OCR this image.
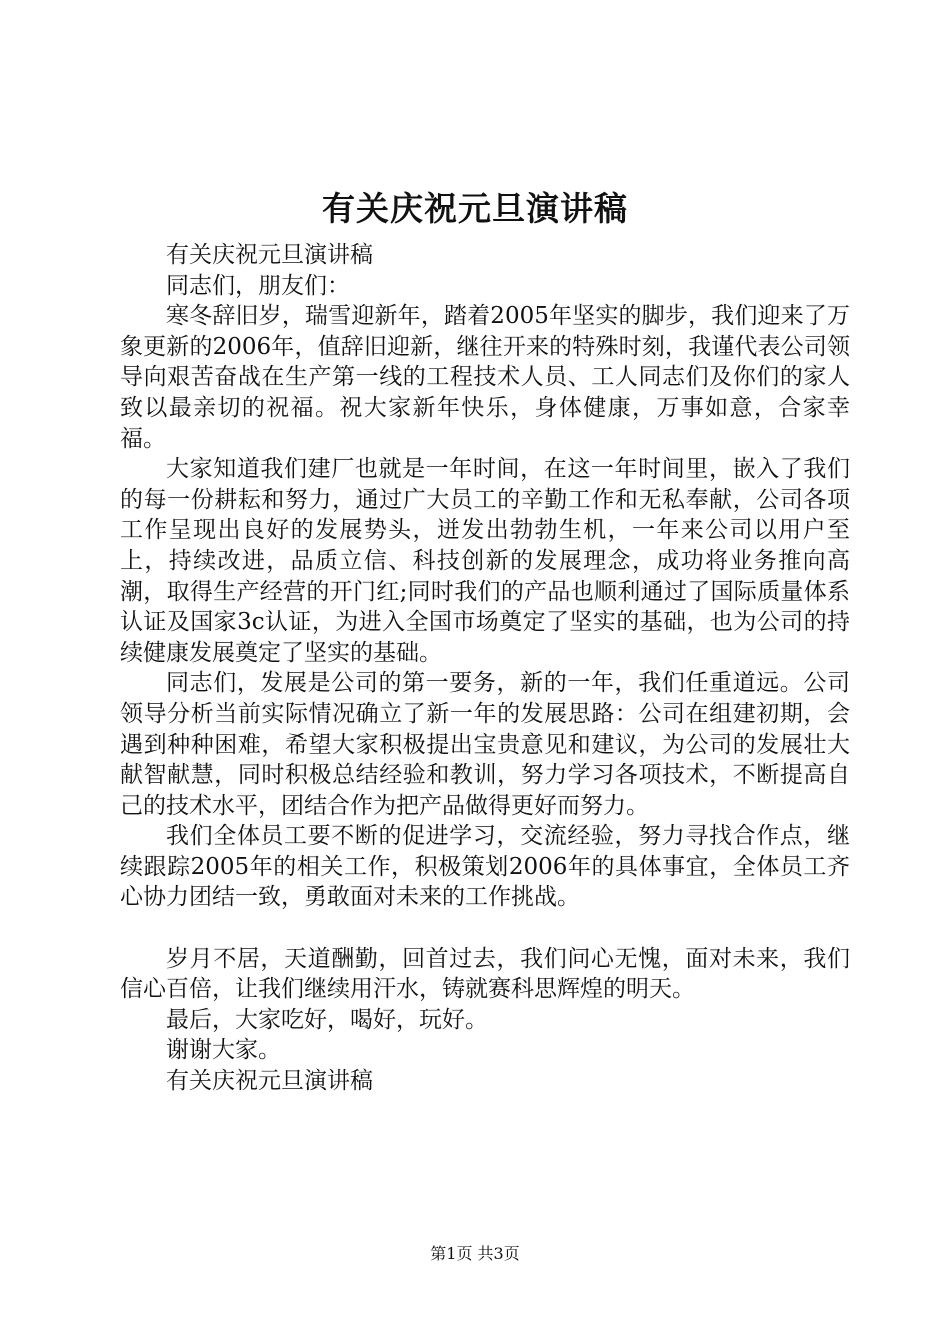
有关庆祝元旦演讲稿

有关庆祝元旦演讲稿

同志们，朋友们：

寒冬辞旧岁，瑞雪迎新年，踏着2005年坚实的脚步，我们迎来了万象更新的2006年，值辞旧迎新，继往开来的特殊时刻，我谨代表公司领导向艰苦奋战在生产第一线的工程技术人员、工人同志们及你们的家人致以最亲切的祝福。祝大家新年快乐，身体健康，万事如意，合家幸福。

大家知道我们建厂也就是一年时间，在这一年时间里，嵌入了我们的每一份耕耘和努力，通过广大员工的辛勤工作和无私奉献，公司各项工作呈现出良好的发展势头，迸发出勃勃生机，一年来公司以用户至上，持续改进，品质立信、科技创新的发展理念，成功将业务推向高潮，取得生产经营的开门红;同时我们的产品也顺利通过了国际质量体系认证及国家3c认证，为进入全国市场奠定了坚实的基础，也为公司的持续健康发展奠定了坚实的基础。

同志们，发展是公司的第一要务，新的一年，我们任重道远。公司领导分析当前实际情况确立了新一年的发展思路：公司在组建初期，会遇到种种困难，希望大家积极提出宝贵意见和建议，为公司的发展壮大献智献慧，同时积极总结经验和教训，努力学习各项技术，不断提高自己的技术水平，团结合作为把产品做得更好而努力。

我们全体员工要不断的促进学习，交流经验，努力寻找合作点，继续跟踪2005年的相关工作，积极策划2006年的具体事宜，全体员工齐心协力团结一致，勇敢面对未来的工作挑战。

岁月不居，天道酬勤，回首过去，我们问心无愧，面对未来，我们信心百倍，让我们继续用汗水，铸就赛科思辉煌的明天。

最后，大家吃好，喝好，玩好。

谢谢大家。

有关庆祝元旦演讲稿

第1页 共3页
